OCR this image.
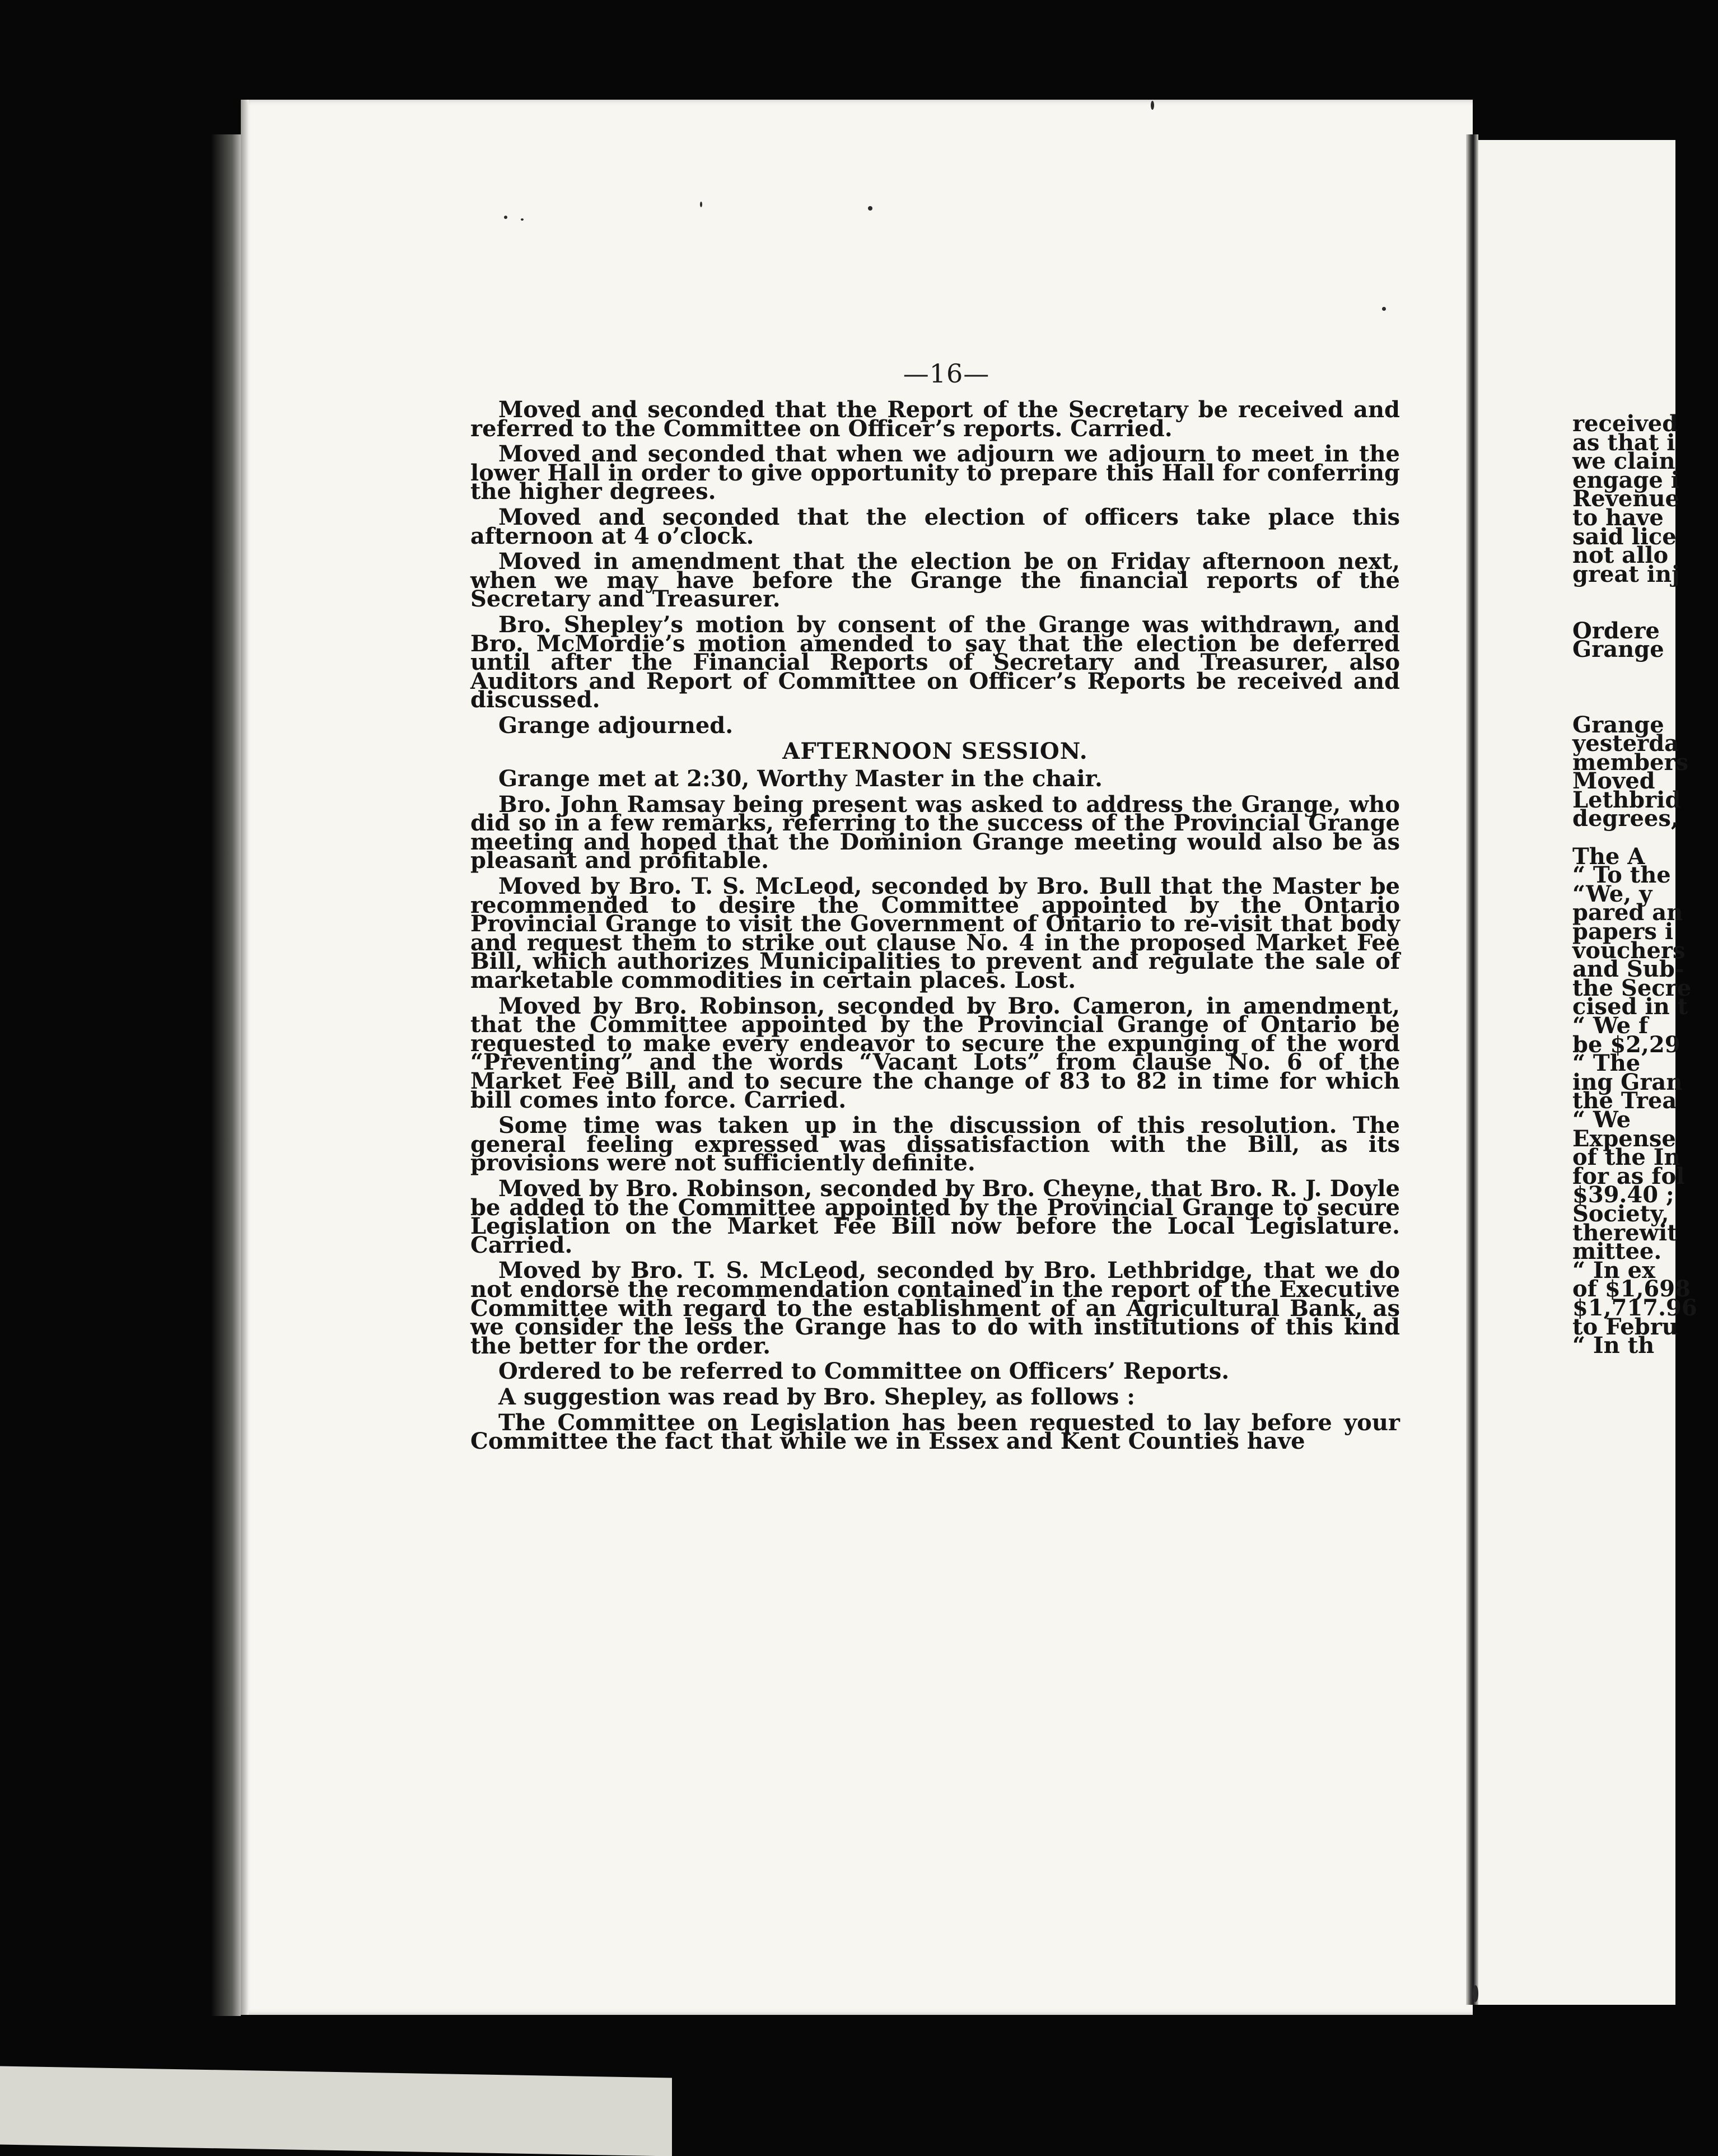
—16—

Moved and seconded that the Report of the Secretary be received and referred to the Committee on Officer’s reports. Carried.

Moved and seconded that when we adjourn we adjourn to meet in the lower Hall in order to give opportunity to prepare this Hall for conferring the higher degrees.

Moved and seconded that the election of officers take place this afternoon at 4 o’clock.

Moved in amendment that the election be on Friday afternoon next, when we may have before the Grange the financial reports of the Secretary and Treasurer.

Bro. Shepley’s motion by consent of the Grange was withdrawn, and Bro. McMordie’s motion amended to say that the election be deferred until after the Financial Reports of Secretary and Treasurer, also Auditors and Report of Committee on Officer’s Reports be received and discussed.

Grange adjourned.

AFTERNOON SESSION.

Grange met at 2:30, Worthy Master in the chair.

Bro. John Ramsay being present was asked to address the Grange, who did so in a few remarks, referring to the success of the Provincial Grange meeting and hoped that the Dominion Grange meeting would also be as pleasant and profitable.

Moved by Bro. T. S. McLeod, seconded by Bro. Bull that the Master be recommended to desire the Committee appointed by the Ontario Provincial Grange to visit the Government of Ontario to re-visit that body and request them to strike out clause No. 4 in the proposed Market Fee Bill, which authorizes Municipalities to prevent and regulate the sale of marketable commodities in certain places. Lost.

Moved by Bro. Robinson, seconded by Bro. Cameron, in amendment, that the Committee appointed by the Provincial Grange of Ontario be requested to make every endeavor to secure the expunging of the word “Preventing” and the words “Vacant Lots” from clause No. 6 of the Market Fee Bill, and to secure the change of 83 to 82 in time for which bill comes into force. Carried.

Some time was taken up in the discussion of this resolution. The general feeling expressed was dissatisfaction with the Bill, as its provisions were not sufficiently definite.

Moved by Bro. Robinson, seconded by Bro. Cheyne, that Bro. R. J. Doyle be added to the Committee appointed by the Provincial Grange to secure Legislation on the Market Fee Bill now before the Local Legislature. Carried.

Moved by Bro. T. S. McLeod, seconded by Bro. Lethbridge, that we do not endorse the recommendation contained in the report of the Executive Committee with regard to the establishment of an Agricultural Bank, as we consider the less the Grange has to do with institutions of this kind the better for the order.

Ordered to be referred to Committee on Officers’ Reports.

A suggestion was read by Bro. Shepley, as follows :

The Committee on Legislation has been requested to lay before your Committee the fact that while we in Essex and Kent Counties have

received
as that i
we clain
engage i
Revenue
to have
said lice
not allo
great inj
Ordere
Grange
Grange
yesterda
members
Moved
Lethbrid
degrees,
The A
“ To the
“We, y
pared an
papers i
vouchers
and Sub-
the Secre
cised in t
“ We f
be $2,29
“ The
ing Gran
the Trea
“ We
Expense
of the In
for as fol
$39.40 ;
Society,
therewit
mittee.
“ In ex
of $1,698
$1,717.96
to Febru
“ In th
